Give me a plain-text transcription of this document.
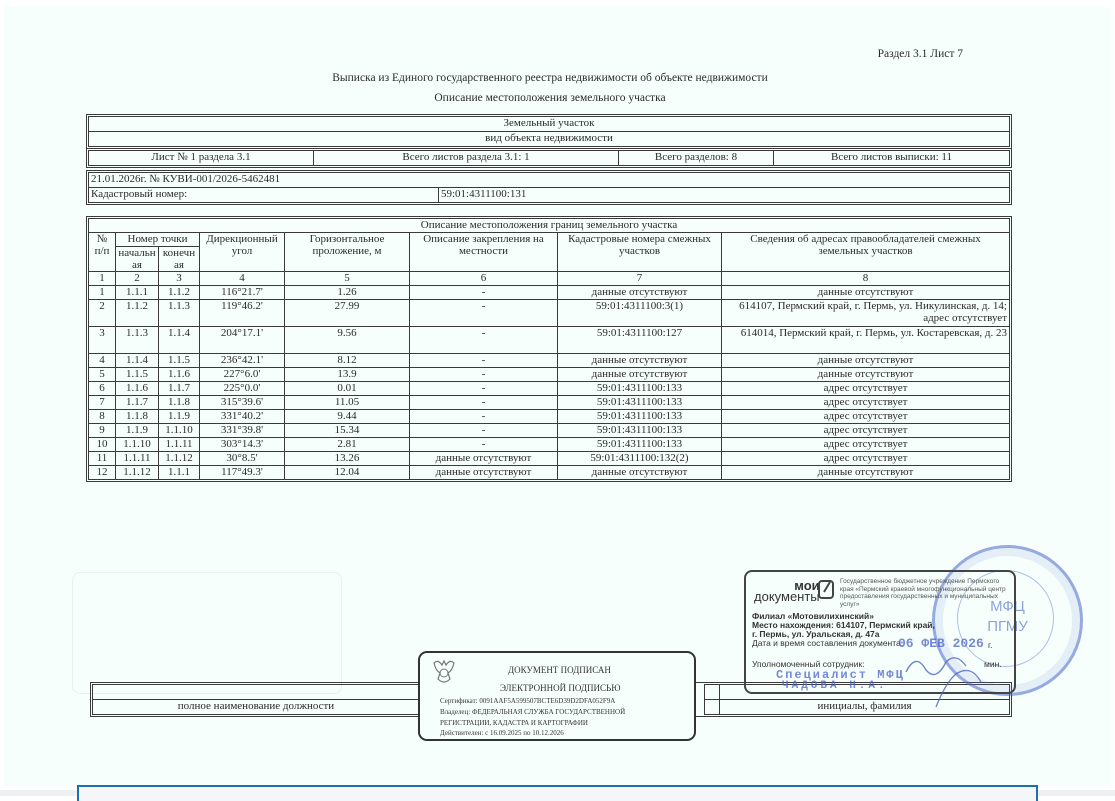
Раздел 3.1 Лист 7
Выписка из Единого государственного реестра недвижимости об объекте недвижимости
Описание местоположения земельного участка
Земельный участок
вид объекта недвижимости
Лист № 1 раздела 3.1	Всего листов раздела 3.1: 1	Всего разделов: 8	Всего листов выписки: 11
21.01.2026г. № КУВИ-001/2026-5462481
Кадастровый номер:	59:01:4311100:131
Описание местоположения границ земельного участка							
№ п/п	Номер точки		Дирекционный угол	Горизонтальное проложение, м	Описание закрепления на местности	Кадастровые номера смежных участков	Сведения об адресах правообладателей смежных земельных участков
	начальн ая	конечн ая					
1	2	3	4	5	6	7	8
1	1.1.1	1.1.2	116°21.7'	1.26	-	данные отсутствуют	данные отсутствуют
2	1.1.2	1.1.3	119°46.2'	27.99	-	59:01:4311100:3(1)	614107, Пермский край, г. Пермь, ул. Никулинская, д. 14; адрес отсутствует
3	1.1.3	1.1.4	204°17.1'	9.56	-	59:01:4311100:127	614014, Пермский край, г. Пермь, ул. Костаревская, д. 23
4	1.1.4	1.1.5	236°42.1'	8.12	-	данные отсутствуют	данные отсутствуют
5	1.1.5	1.1.6	227°6.0'	13.9	-	данные отсутствуют	данные отсутствуют
6	1.1.6	1.1.7	225°0.0'	0.01	-	59:01:4311100:133	адрес отсутствует
7	1.1.7	1.1.8	315°39.6'	11.05	-	59:01:4311100:133	адрес отсутствует
8	1.1.8	1.1.9	331°40.2'	9.44	-	59:01:4311100:133	адрес отсутствует
9	1.1.9	1.1.10	331°39.8'	15.34	-	59:01:4311100:133	адрес отсутствует
10	1.1.10	1.1.11	303°14.3'	2.81	-	59:01:4311100:133	адрес отсутствует
11	1.1.11	1.1.12	30°8.5'	13.26	данные отсутствуют	59:01:4311100:132(2)	адрес отсутствует
12	1.1.12	1.1.1	117°49.3'	12.04	данные отсутствуют	данные отсутствуют	данные отсутствуют

полное наименование должности			инициалы, фамилия
ДОКУМЕНТ ПОДПИСАН
ЭЛЕКТРОННОЙ ПОДПИСЬЮ
Сертификат: 0091AAF5A599507BCTE6D39D2DFA052F9A
Владелец: ФЕДЕРАЛЬНАЯ СЛУЖБА ГОСУДАРСТВЕННОЙ
РЕГИСТРАЦИИ, КАДАСТРА И КАРТОГРАФИИ
Действителен: с 16.09.2025 по 10.12.2026
МФЦ
ПГМУ
мои
документы
Государственное бюджетное учреждение Пермского края «Пермский краевой многофункциональный центр предоставления государственных и муниципальных услуг»
Филиал «Мотовилихинский»
Место нахождения: 614107, Пермский край,
г. Пермь, ул. Уральская, д. 47а
Дата и время составления документа:
06 ФЕВ 2026 г.
Уполномоченный сотрудник:	мин.
Специалист МФЦ
ЧАДОВА Н.А.
